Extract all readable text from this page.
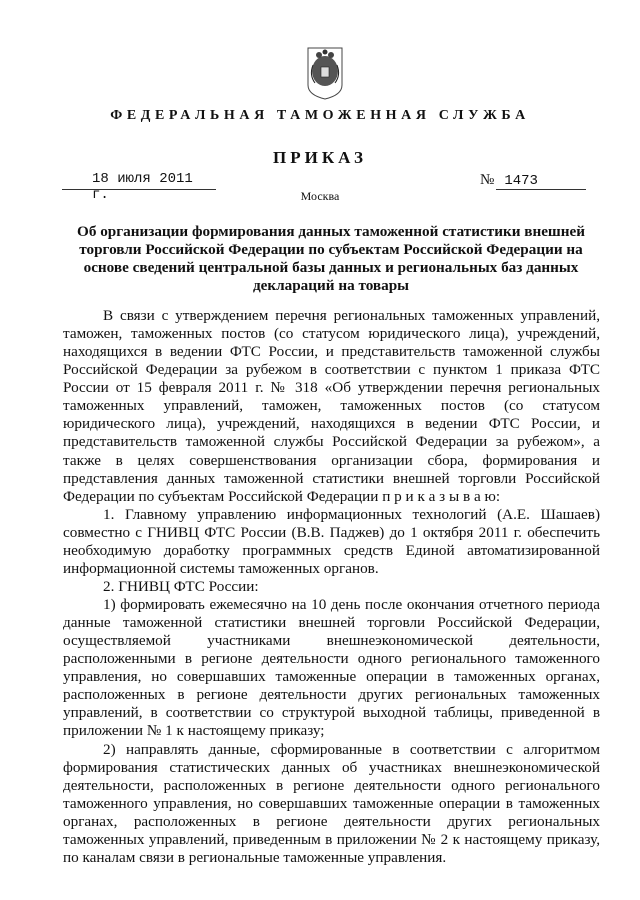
ФЕДЕРАЛЬНАЯ ТАМОЖЕННАЯ СЛУЖБА
ПРИКАЗ
18 июля 2011 г.
№ 1473
Москва
Об организации формирования данных таможенной статистики внешней
торговли Российской Федерации по субъектам Российской Федерации на
основе сведений центральной базы данных и региональных баз данных
деклараций на товары
В связи с утверждением перечня региональных таможенных управлений,
таможен, таможенных постов (со статусом юридического лица), учреждений,
находящихся в ведении ФТС России, и представительств таможенной службы
Российской Федерации за рубежом в соответствии с пунктом 1 приказа ФТС
России от 15 февраля 2011 г. № 318 «Об утверждении перечня региональных
таможенных управлений, таможен, таможенных постов (со статусом
юридического лица), учреждений, находящихся в ведении ФТС России, и
представительств таможенной службы Российской Федерации за рубежом», а
также в целях совершенствования организации сбора, формирования и
представления данных таможенной статистики внешней торговли Российской
Федерации по субъектам Российской Федерации п р и к а з ы в а ю:
1. Главному управлению информационных технологий (А.Е. Шашаев)
совместно с ГНИВЦ ФТС России (В.В. Паджев) до 1 октября 2011 г. обеспечить
необходимую доработку программных средств Единой автоматизированной
информационной системы таможенных органов.
2. ГНИВЦ ФТС России:
1) формировать ежемесячно на 10 день после окончания отчетного периода
данные таможенной статистики внешней торговли Российской Федерации,
осуществляемой участниками внешнеэкономической деятельности,
расположенными в регионе деятельности одного регионального таможенного
управления, но совершавших таможенные операции в таможенных органах,
расположенных в регионе деятельности других региональных таможенных
управлений, в соответствии со структурой выходной таблицы, приведенной в
приложении № 1 к настоящему приказу;
2) направлять данные, сформированные в соответствии с алгоритмом
формирования статистических данных об участниках внешнеэкономической
деятельности, расположенных в регионе деятельности одного регионального
таможенного управления, но совершавших таможенные операции в таможенных
органах, расположенных в регионе деятельности других региональных
таможенных управлений, приведенным в приложении № 2 к настоящему приказу,
по каналам связи в региональные таможенные управления.
